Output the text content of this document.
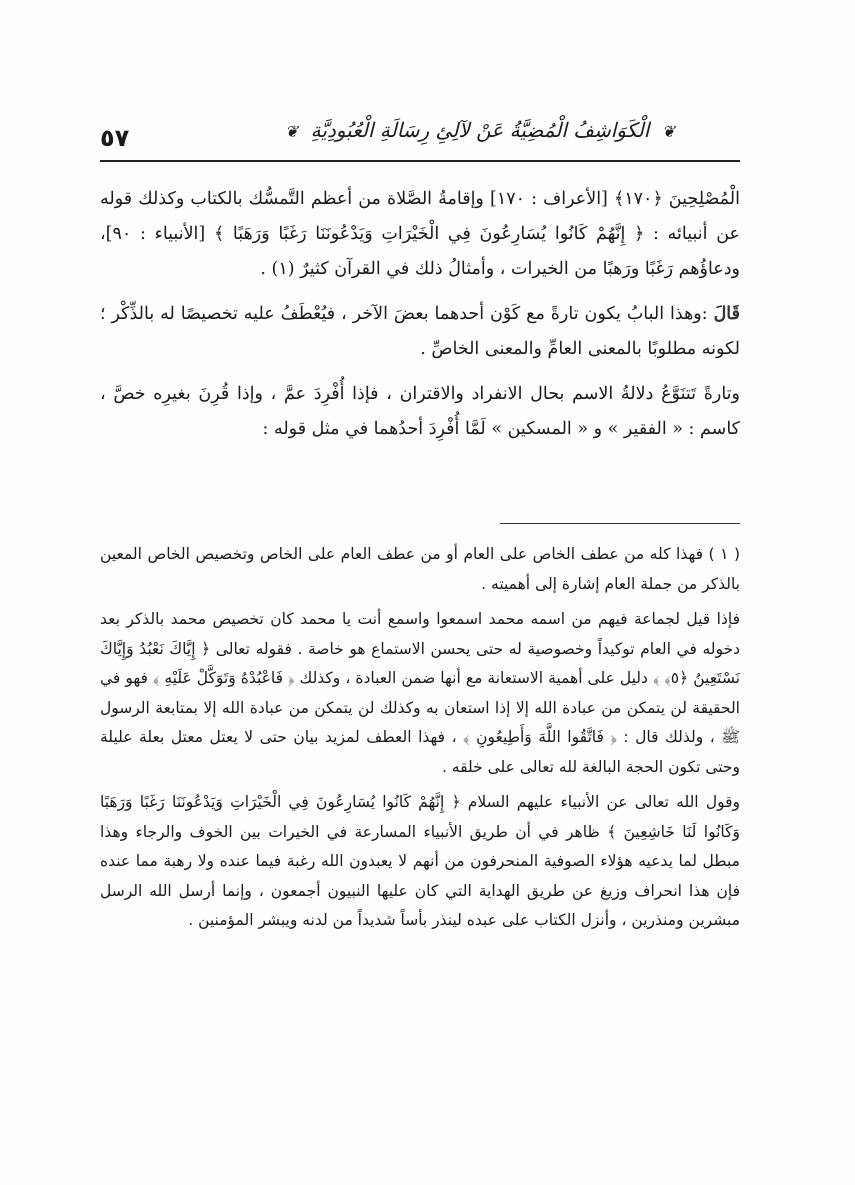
❦ الْكَوَاشِفُ الْمُضِيَّةُ عَنْ لآلِئِ رِسَالَةِ الْعُبُودِيَّةِ ❦
٥٧

الْمُصْلِحِينَ ﴿١٧٠﴾ [الأعراف : ١٧٠] وإقامةُ الصَّلاة من أعظم التَّمسُّك بالكتاب وكذلك قوله عن أنبيائه : ﴿ إِنَّهُمْ كَانُوا يُسَارِعُونَ فِي الْخَيْرَاتِ وَيَدْعُونَنَا رَغَبًا وَرَهَبًا ﴾ [الأنبياء : ٩٠]، ودعاؤُهم رَغَبًا ورَهبًا من الخيرات ، وأمثالُ ذلك في القرآن كثيرٌ (١) .

قَالَ :وهذا البابُ يكون تارةً مع كَوْن أحدهما بعضَ الآخر ، فيُعْطَفُ عليه تخصيصًا له بالذِّكْر ؛ لكونه مطلوبًا بالمعنى العامِّ والمعنى الخاصِّ .

وتارةً تَتنَوَّعُ دلالةُ الاسم بحال الانفراد والاقتران ، فإذا أُفْرِدَ عمَّ ، وإذا قُرِنَ بغيرِه خصَّ ، كاسم : « الفقير » و « المسكين » لَمَّا أُفْرِدَ أحدُهما في مثل قوله :

( ١ ) فهذا كله من عطف الخاص على العام أو من عطف العام على الخاص وتخصيص الخاص المعين بالذكر من جملة العام إشارة إلى أهميته .

فإذا قيل لجماعة فيهم من اسمه محمد اسمعوا واسمع أنت يا محمد كان تخصيص محمد بالذكر بعد دخوله في العام توكيداً وخصوصية له حتى يحسن الاستماع هو خاصة . فقوله تعالى ﴿ إِيَّاكَ نَعْبُدُ وَإِيَّاكَ نَسْتَعِينُ ﴿٥﴾ ﴾ دليل على أهمية الاستعانة مع أنها ضمن العبادة ، وكذلك ﴿ فَاعْبُدْهُ وَتَوَكَّلْ عَلَيْهِ ﴾ فهو في الحقيقة لن يتمكن من عبادة الله إلا إذا استعان به وكذلك لن يتمكن من عبادة الله إلا بمتابعة الرسول ﷺ ، ولذلك قال : ﴿ فَاتَّقُوا اللَّهَ وَأَطِيعُونِ ﴾ ، فهذا العطف لمزيد بيان حتى لا يعتل معتل بعلة عليلة وحتى تكون الحجة البالغة لله تعالى على خلقه .

وقول الله تعالى عن الأنبياء عليهم السلام ﴿ إِنَّهُمْ كَانُوا يُسَارِعُونَ فِي الْخَيْرَاتِ وَيَدْعُونَنَا رَغَبًا وَرَهَبًا وَكَانُوا لَنَا خَاشِعِينَ ﴾ ظاهر في أن طريق الأنبياء المسارعة في الخيرات بين الخوف والرجاء وهذا مبطل لما يدعيه هؤلاء الصوفية المنحرفون من أنهم لا يعبدون الله رغبة فيما عنده ولا رهبة مما عنده فإن هذا انحراف وزيغ عن طريق الهداية التي كان عليها النبيون أجمعون ، وإنما أرسل الله الرسل مبشرين ومنذرين ، وأنزل الكتاب على عبده لينذر بأساً شديداً من لدنه ويبشر المؤمنين .
